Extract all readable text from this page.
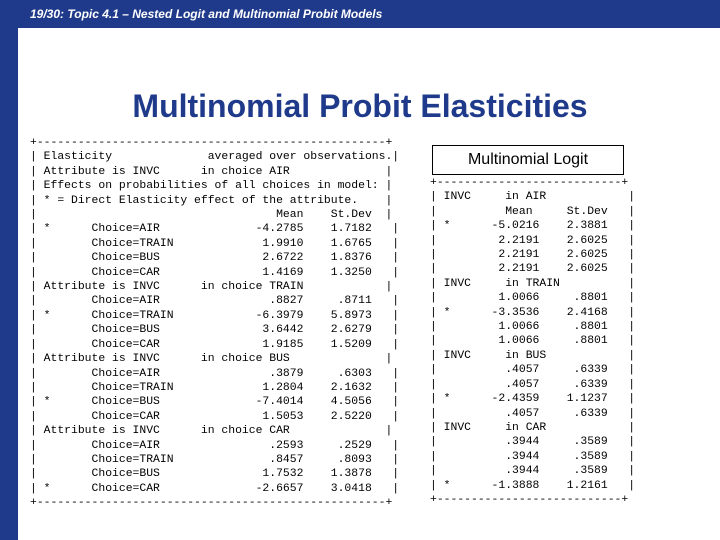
19/30: Topic 4.1 – Nested Logit and Multinomial Probit Models
Multinomial Probit Elasticities
+---------------------------------------------------+
| Elasticity              averaged over observations.|
| Attribute is INVC      in choice AIR              |
| Effects on probabilities of all choices in model: |
| * = Direct Elasticity effect of the attribute.    |
|                                   Mean    St.Dev  |
| *      Choice=AIR              -4.2785    1.7182   |
|        Choice=TRAIN             1.9910    1.6765   |
|        Choice=BUS               2.6722    1.8376   |
|        Choice=CAR               1.4169    1.3250   |
| Attribute is INVC      in choice TRAIN            |
|        Choice=AIR                .8827     .8711   |
| *      Choice=TRAIN            -6.3979    5.8973   |
|        Choice=BUS               3.6442    2.6279   |
|        Choice=CAR               1.9185    1.5209   |
| Attribute is INVC      in choice BUS              |
|        Choice=AIR                .3879     .6303   |
|        Choice=TRAIN             1.2804    2.1632   |
| *      Choice=BUS              -7.4014    4.5056   |
|        Choice=CAR               1.5053    2.5220   |
| Attribute is INVC      in choice CAR              |
|        Choice=AIR                .2593     .2529   |
|        Choice=TRAIN              .8457     .8093   |
|        Choice=BUS               1.7532    1.3878   |
| *      Choice=CAR              -2.6657    3.0418   |
+---------------------------------------------------+
Multinomial Logit
+---------------------------+
| INVC     in AIR            |
|          Mean     St.Dev   |
| *      -5.0216    2.3881   |
|         2.2191    2.6025   |
|         2.2191    2.6025   |
|         2.2191    2.6025   |
| INVC     in TRAIN          |
|         1.0066     .8801   |
| *      -3.3536    2.4168   |
|         1.0066     .8801   |
|         1.0066     .8801   |
| INVC     in BUS            |
|          .4057     .6339   |
|          .4057     .6339   |
| *      -2.4359    1.1237   |
|          .4057     .6339   |
| INVC     in CAR            |
|          .3944     .3589   |
|          .3944     .3589   |
|          .3944     .3589   |
| *      -1.3888    1.2161   |
+---------------------------+
